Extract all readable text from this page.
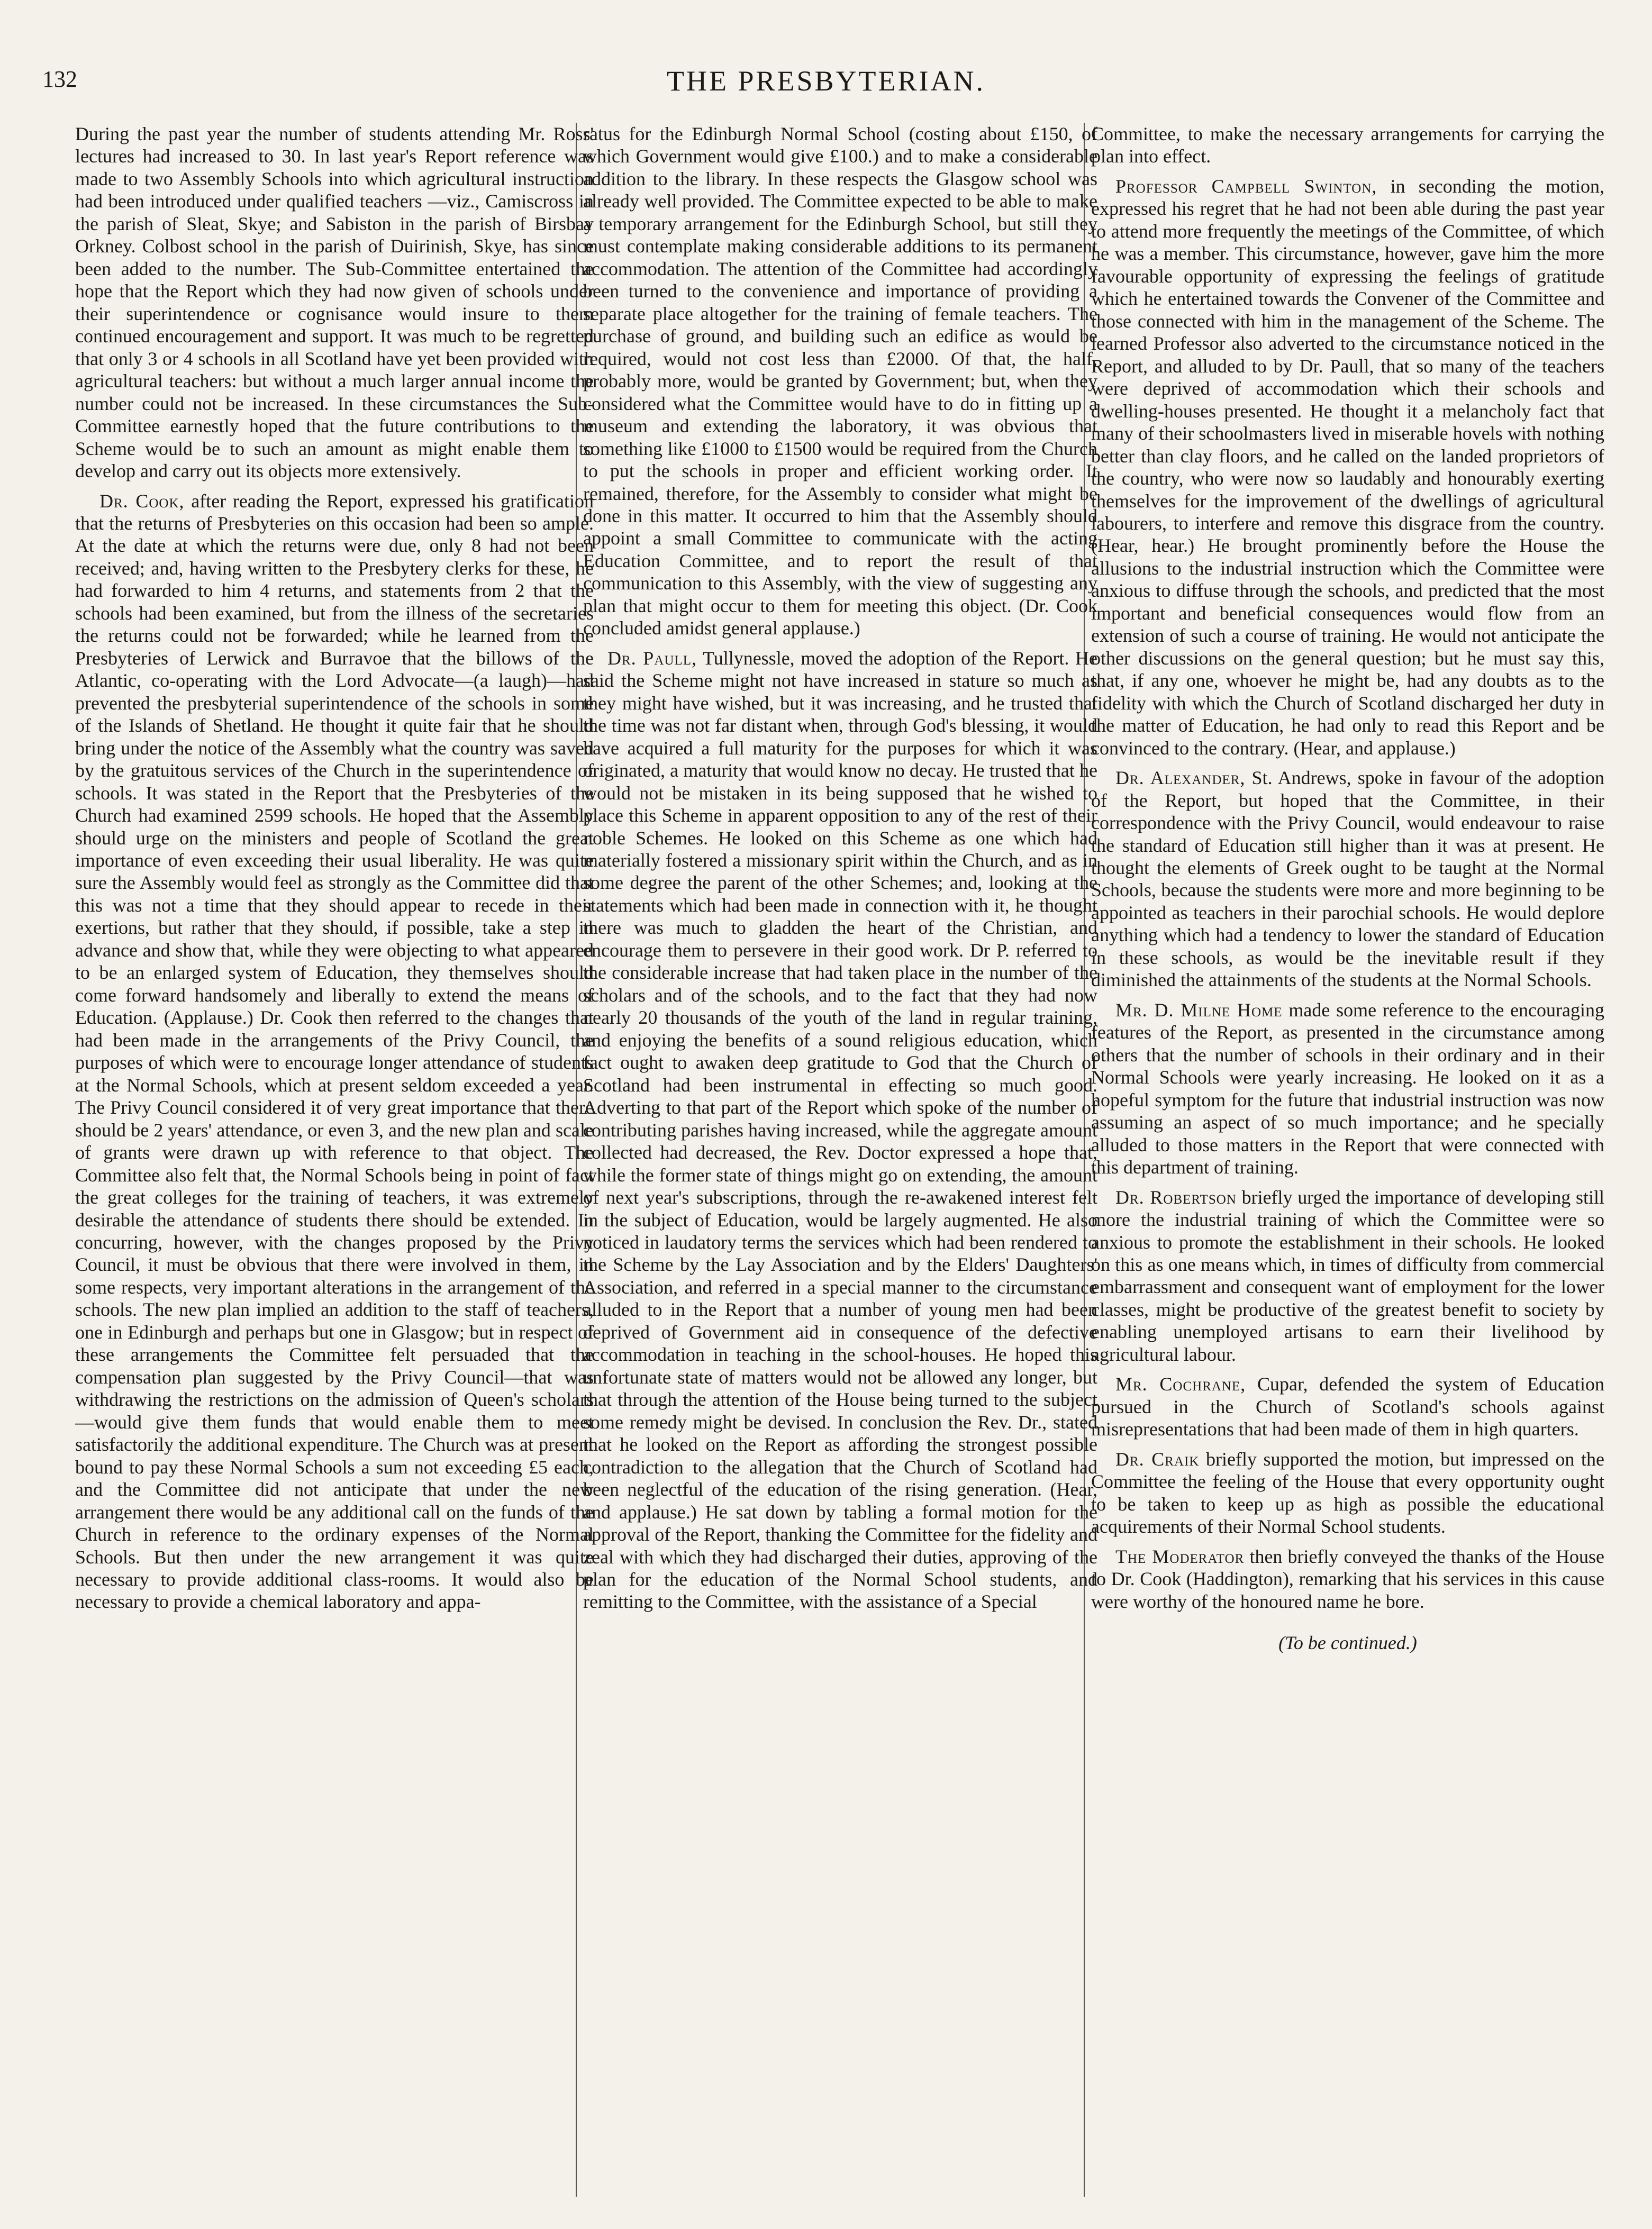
132	THE PRESBYTERIAN.

During the past year the number of students attending Mr. Ross' lectures had increased to 30. In last year's Report reference was made to two Assembly Schools into which agricultural instruction had been introduced under qualified teachers —viz., Camiscross in the parish of Sleat, Skye; and Sabiston in the parish of Birsbay Orkney. Colbost school in the parish of Duirinish, Skye, has since been added to the number. The Sub-Committee entertained the hope that the Report which they had now given of schools under their superintendence or cognisance would insure to them continued encouragement and support. It was much to be regretted that only 3 or 4 schools in all Scotland have yet been provided with agricultural teachers: but without a much larger annual income the number could not be increased. In these circumstances the Sub-Committee earnestly hoped that the future contributions to the Scheme would be to such an amount as might enable them to develop and carry out its objects more extensively.

Dr. Cook, after reading the Report, expressed his gratification that the returns of Presbyteries on this occasion had been so ample. At the date at which the returns were due, only 8 had not been received; and, having written to the Presbytery clerks for these, he had forwarded to him 4 returns, and statements from 2 that the schools had been examined, but from the illness of the secretaries the returns could not be forwarded; while he learned from the Presbyteries of Lerwick and Burravoe that the billows of the Atlantic, co-operating with the Lord Advocate—(a laugh)—had prevented the presbyterial superintendence of the schools in some of the Islands of Shetland. He thought it quite fair that he should bring under the notice of the Assembly what the country was saved by the gratuitous services of the Church in the superintendence of schools. It was stated in the Report that the Presbyteries of the Church had examined 2599 schools. He hoped that the Assembly should urge on the ministers and people of Scotland the great importance of even exceeding their usual liberality. He was quite sure the Assembly would feel as strongly as the Committee did that this was not a time that they should appear to recede in their exertions, but rather that they should, if possible, take a step in advance and show that, while they were objecting to what appeared to be an enlarged system of Education, they themselves should come forward handsomely and liberally to extend the means of Education. (Applause.) Dr. Cook then referred to the changes that had been made in the arrangements of the Privy Council, the purposes of which were to encourage longer attendance of students at the Normal Schools, which at present seldom exceeded a year. The Privy Council considered it of very great importance that there should be 2 years' attendance, or even 3, and the new plan and scale of grants were drawn up with reference to that object. The Committee also felt that, the Normal Schools being in point of fact the great colleges for the training of teachers, it was extremely desirable the attendance of students there should be extended. In concurring, however, with the changes proposed by the Privy Council, it must be obvious that there were involved in them, in some respects, very important alterations in the arrangement of the schools. The new plan implied an addition to the staff of teachers, one in Edinburgh and perhaps but one in Glasgow; but in respect of these arrangements the Committee felt persuaded that the compensation plan suggested by the Privy Council—that was withdrawing the restrictions on the admission of Queen's scholars—would give them funds that would enable them to meet satisfactorily the additional expenditure. The Church was at present bound to pay these Normal Schools a sum not exceeding £5 each, and the Committee did not anticipate that under the new arrangement there would be any additional call on the funds of the Church in reference to the ordinary expenses of the Normal Schools. But then under the new arrangement it was quite necessary to provide additional class-rooms. It would also be necessary to provide a chemical laboratory and appa-

ratus for the Edinburgh Normal School (costing about £150, of which Government would give £100.) and to make a considerable addition to the library. In these respects the Glasgow school was already well provided. The Committee expected to be able to make a temporary arrangement for the Edinburgh School, but still they must contemplate making considerable additions to its permanent accommodation. The attention of the Committee had accordingly been turned to the convenience and importance of providing a separate place altogether for the training of female teachers. The purchase of ground, and building such an edifice as would be required, would not cost less than £2000. Of that, the half, probably more, would be granted by Government; but, when they considered what the Committee would have to do in fitting up a museum and extending the laboratory, it was obvious that something like £1000 to £1500 would be required from the Church to put the schools in proper and efficient working order. It remained, therefore, for the Assembly to consider what might be done in this matter. It occurred to him that the Assembly should appoint a small Committee to communicate with the acting Education Committee, and to report the result of that communication to this Assembly, with the view of suggesting any plan that might occur to them for meeting this object. (Dr. Cook concluded amidst general applause.)

Dr. Paull, Tullynessle, moved the adoption of the Report. He said the Scheme might not have increased in stature so much as they might have wished, but it was increasing, and he trusted that the time was not far distant when, through God's blessing, it would have acquired a full maturity for the purposes for which it was originated, a maturity that would know no decay. He trusted that he would not be mistaken in its being supposed that he wished to place this Scheme in apparent opposition to any of the rest of their noble Schemes. He looked on this Scheme as one which had materially fostered a missionary spirit within the Church, and as in some degree the parent of the other Schemes; and, looking at the statements which had been made in connection with it, he thought there was much to gladden the heart of the Christian, and encourage them to persevere in their good work. Dr P. referred to the considerable increase that had taken place in the number of the scholars and of the schools, and to the fact that they had now nearly 20 thousands of the youth of the land in regular training, and enjoying the benefits of a sound religious education, which fact ought to awaken deep gratitude to God that the Church of Scotland had been instrumental in effecting so much good. Adverting to that part of the Report which spoke of the number of contributing parishes having increased, while the aggregate amount collected had decreased, the Rev. Doctor expressed a hope that, while the former state of things might go on extending, the amount of next year's subscriptions, through the re-awakened interest felt in the subject of Education, would be largely augmented. He also noticed in laudatory terms the services which had been rendered to the Scheme by the Lay Association and by the Elders' Daughters' Association, and referred in a special manner to the circumstance alluded to in the Report that a number of young men had been deprived of Government aid in consequence of the defective accommodation in teaching in the school-houses. He hoped this unfortunate state of matters would not be allowed any longer, but that through the attention of the House being turned to the subject some remedy might be devised. In conclusion the Rev. Dr., stated that he looked on the Report as affording the strongest possible contradiction to the allegation that the Church of Scotland had been neglectful of the education of the rising generation. (Hear, and applause.) He sat down by tabling a formal motion for the approval of the Report, thanking the Committee for the fidelity and zeal with which they had discharged their duties, approving of the plan for the education of the Normal School students, and remitting to the Committee, with the assistance of a Special

Committee, to make the necessary arrangements for carrying the plan into effect.

Professor Campbell Swinton, in seconding the motion, expressed his regret that he had not been able during the past year to attend more frequently the meetings of the Committee, of which he was a member. This circumstance, however, gave him the more favourable opportunity of expressing the feelings of gratitude which he entertained towards the Convener of the Committee and those connected with him in the management of the Scheme. The learned Professor also adverted to the circumstance noticed in the Report, and alluded to by Dr. Paull, that so many of the teachers were deprived of accommodation which their schools and dwelling-houses presented. He thought it a melancholy fact that many of their schoolmasters lived in miserable hovels with nothing better than clay floors, and he called on the landed proprietors of the country, who were now so laudably and honourably exerting themselves for the improvement of the dwellings of agricultural labourers, to interfere and remove this disgrace from the country. (Hear, hear.) He brought prominently before the House the allusions to the industrial instruction which the Committee were anxious to diffuse through the schools, and predicted that the most important and beneficial consequences would flow from an extension of such a course of training. He would not anticipate the other discussions on the general question; but he must say this, that, if any one, whoever he might be, had any doubts as to the fidelity with which the Church of Scotland discharged her duty in the matter of Education, he had only to read this Report and be convinced to the contrary. (Hear, and applause.)

Dr. Alexander, St. Andrews, spoke in favour of the adoption of the Report, but hoped that the Committee, in their correspondence with the Privy Council, would endeavour to raise the standard of Education still higher than it was at present. He thought the elements of Greek ought to be taught at the Normal Schools, because the students were more and more beginning to be appointed as teachers in their parochial schools. He would deplore anything which had a tendency to lower the standard of Education in these schools, as would be the inevitable result if they diminished the attainments of the students at the Normal Schools.

Mr. D. Milne Home made some reference to the encouraging features of the Report, as presented in the circumstance among others that the number of schools in their ordinary and in their Normal Schools were yearly increasing. He looked on it as a hopeful symptom for the future that industrial instruction was now assuming an aspect of so much importance; and he specially alluded to those matters in the Report that were connected with this department of training.

Dr. Robertson briefly urged the importance of developing still more the industrial training of which the Committee were so anxious to promote the establishment in their schools. He looked on this as one means which, in times of difficulty from commercial embarrassment and consequent want of employment for the lower classes, might be productive of the greatest benefit to society by enabling unemployed artisans to earn their livelihood by agricultural labour.

Mr. Cochrane, Cupar, defended the system of Education pursued in the Church of Scotland's schools against misrepresentations that had been made of them in high quarters.

Dr. Craik briefly supported the motion, but impressed on the Committee the feeling of the House that every opportunity ought to be taken to keep up as high as possible the educational acquirements of their Normal School students.

The Moderator then briefly conveyed the thanks of the House to Dr. Cook (Haddington), remarking that his services in this cause were worthy of the honoured name he bore.

(To be continued.)
